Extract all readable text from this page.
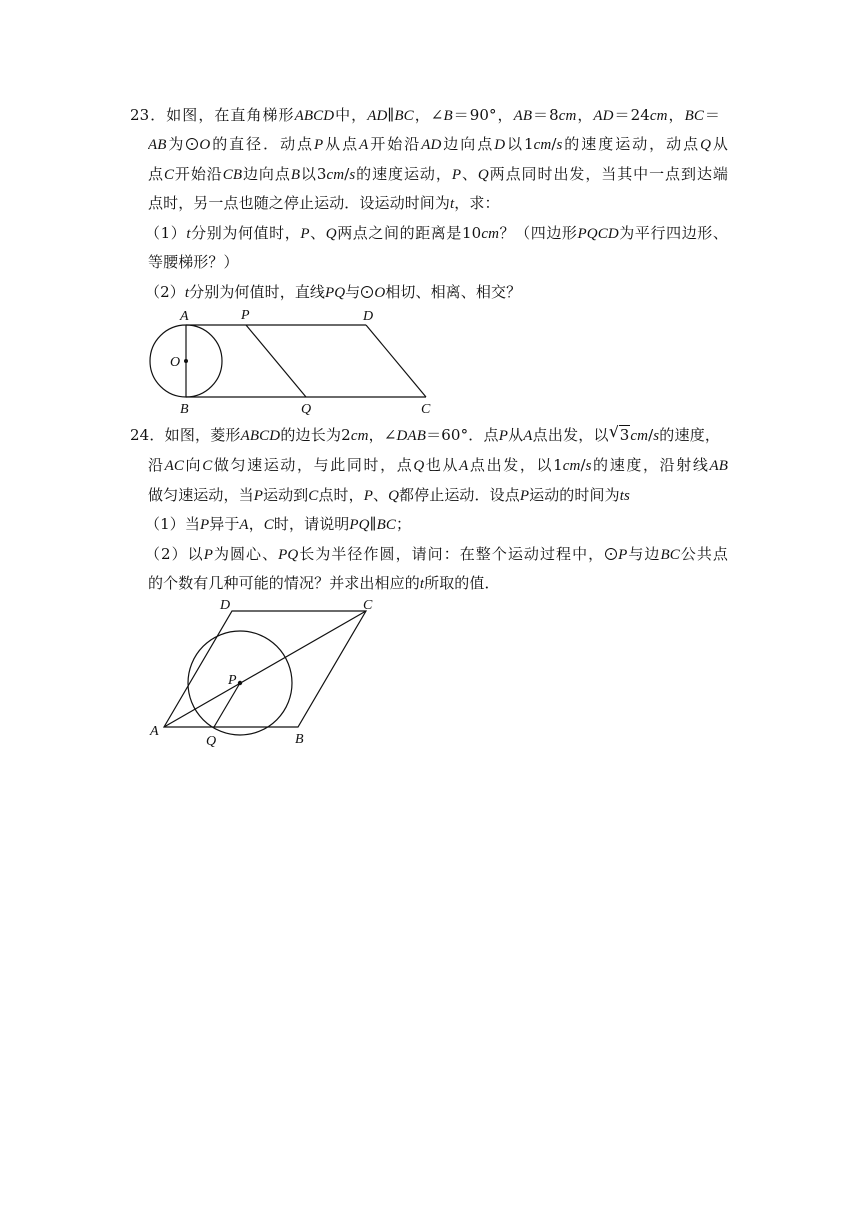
23．如图，在直角梯形ABCD中，AD∥BC，∠B＝90°，AB＝8cm，AD＝24cm，BC＝
AB为 O的直径．动点P从点A开始沿AD边向点D以1cm/s的速度运动，动点Q从
点C开始沿CB边向点B以3cm/s的速度运动，P、Q两点同时出发，当其中一点到达端
点时，另一点也随之停止运动．设运动时间为t，求：
（1）t分别为何值时，P、Q两点之间的距离是10cm？（四边形PQCD为平行四边形、
等腰梯形？）
（2）t分别为何值时，直线PQ与 O相切、相离、相交？
A	P	D
O
B	Q	C
24．如图，菱形ABCD的边长为2cm，∠DAB＝60°．点P从A点出发，以√ 3cm/s的速度，
沿AC向C做匀速运动，与此同时，点Q也从A点出发，以1cm/s的速度，沿射线AB
做匀速运动，当P运动到C点时，P、Q都停止运动．设点P运动的时间为ts
（1）当P异于A，C时，请说明PQ∥BC；
（2）以P为圆心、PQ长为半径作圆，请问：在整个运动过程中， P与边BC公共点
的个数有几种可能的情况？并求出相应的t所取的值．
D	C
P
A
Q	B
